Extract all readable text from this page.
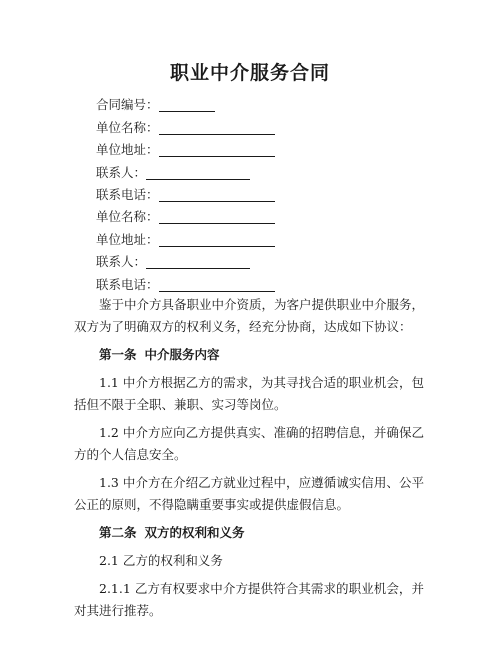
职业中介服务合同
合同编号：
单位名称：
单位地址：
联系人：
联系电话：
单位名称：
单位地址：
联系人：
联系电话：

鉴于中介方具备职业中介资质，为客户提供职业中介服务，双方为了明确双方的权利义务，经充分协商，达成如下协议：

第一条 中介服务内容

1.1 中介方根据乙方的需求，为其寻找合适的职业机会，包括但不限于全职、兼职、实习等岗位。

1.2 中介方应向乙方提供真实、准确的招聘信息，并确保乙方的个人信息安全。

1.3 中介方在介绍乙方就业过程中，应遵循诚实信用、公平公正的原则，不得隐瞒重要事实或提供虚假信息。

第二条 双方的权利和义务

2.1 乙方的权利和义务

2.1.1 乙方有权要求中介方提供符合其需求的职业机会，并对其进行推荐。
